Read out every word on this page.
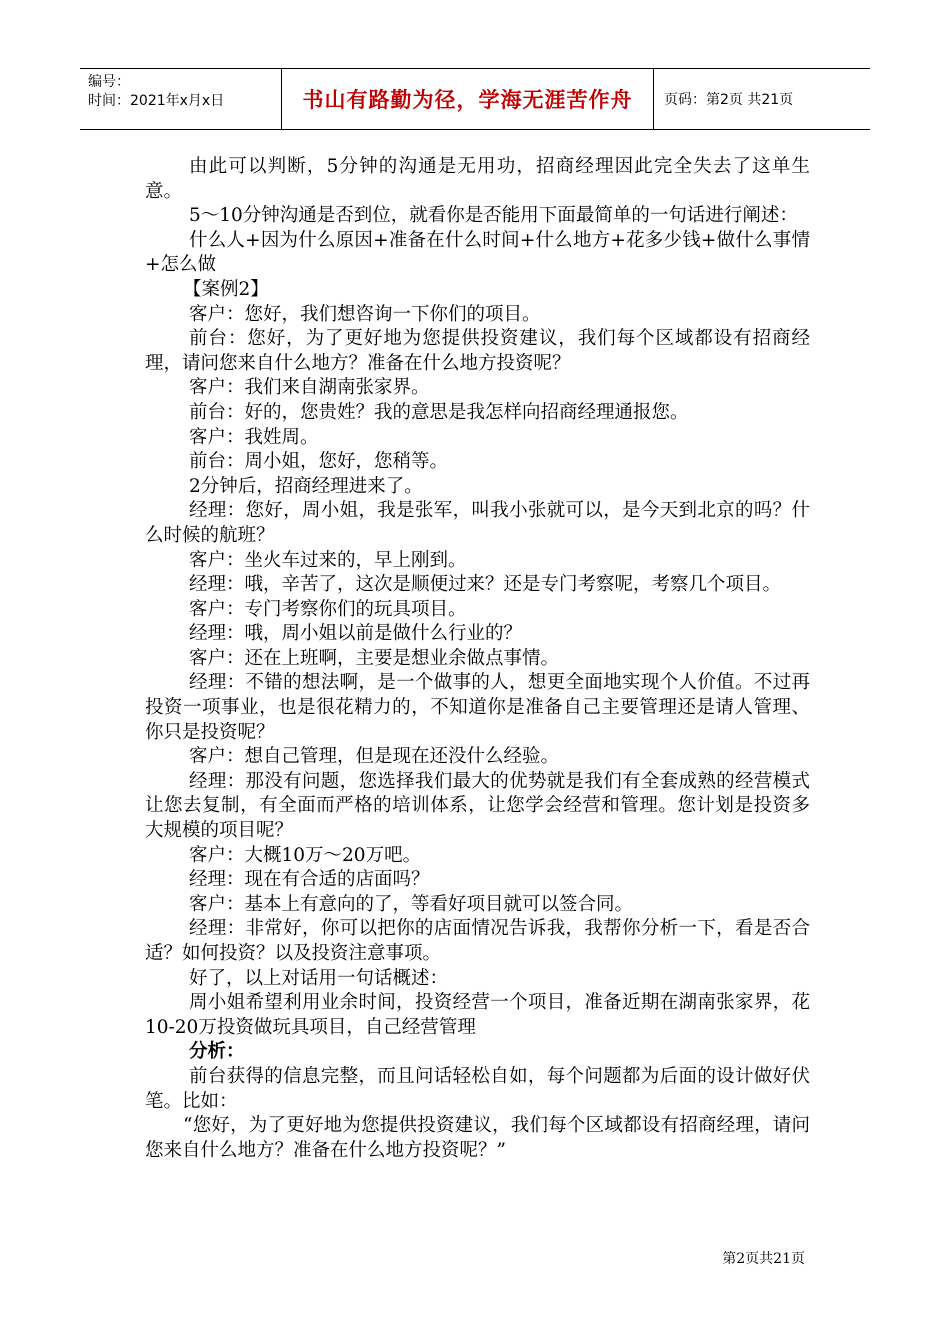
编号：
时间：2021年x月x日	书山有路勤为径，学海无涯苦作舟	页码：第2页 共21页

由此可以判断，5分钟的沟通是无用功，招商经理因此完全失去了这单生意。

5～10分钟沟通是否到位，就看你是否能用下面最简单的一句话进行阐述：

什么人+因为什么原因+准备在什么时间+什么地方+花多少钱+做什么事情+怎么做

【案例2】

客户：您好，我们想咨询一下你们的项目。

前台：您好，为了更好地为您提供投资建议，我们每个区域都设有招商经理，请问您来自什么地方？准备在什么地方投资呢？

客户：我们来自湖南张家界。

前台：好的，您贵姓？我的意思是我怎样向招商经理通报您。

客户：我姓周。

前台：周小姐，您好，您稍等。

2分钟后，招商经理进来了。

经理：您好，周小姐，我是张军，叫我小张就可以，是今天到北京的吗？什么时候的航班？

客户：坐火车过来的，早上刚到。

经理：哦，辛苦了，这次是顺便过来？还是专门考察呢，考察几个项目。

客户：专门考察你们的玩具项目。

经理：哦，周小姐以前是做什么行业的？

客户：还在上班啊，主要是想业余做点事情。

经理：不错的想法啊，是一个做事的人，想更全面地实现个人价值。不过再投资一项事业，也是很花精力的，不知道你是准备自己主要管理还是请人管理、你只是投资呢？

客户：想自己管理，但是现在还没什么经验。

经理：那没有问题，您选择我们最大的优势就是我们有全套成熟的经营模式让您去复制，有全面而严格的培训体系，让您学会经营和管理。您计划是投资多大规模的项目呢？

客户：大概10万～20万吧。

经理：现在有合适的店面吗？

客户：基本上有意向的了，等看好项目就可以签合同。

经理：非常好，你可以把你的店面情况告诉我，我帮你分析一下，看是否合适？如何投资？以及投资注意事项。

好了，以上对话用一句话概述：

周小姐希望利用业余时间，投资经营一个项目，准备近期在湖南张家界，花10-20万投资做玩具项目，自己经营管理

分析：

前台获得的信息完整，而且问话轻松自如，每个问题都为后面的设计做好伏笔。比如：

“您好，为了更好地为您提供投资建议，我们每个区域都设有招商经理，请问您来自什么地方？准备在什么地方投资呢？”

第2页共21页
